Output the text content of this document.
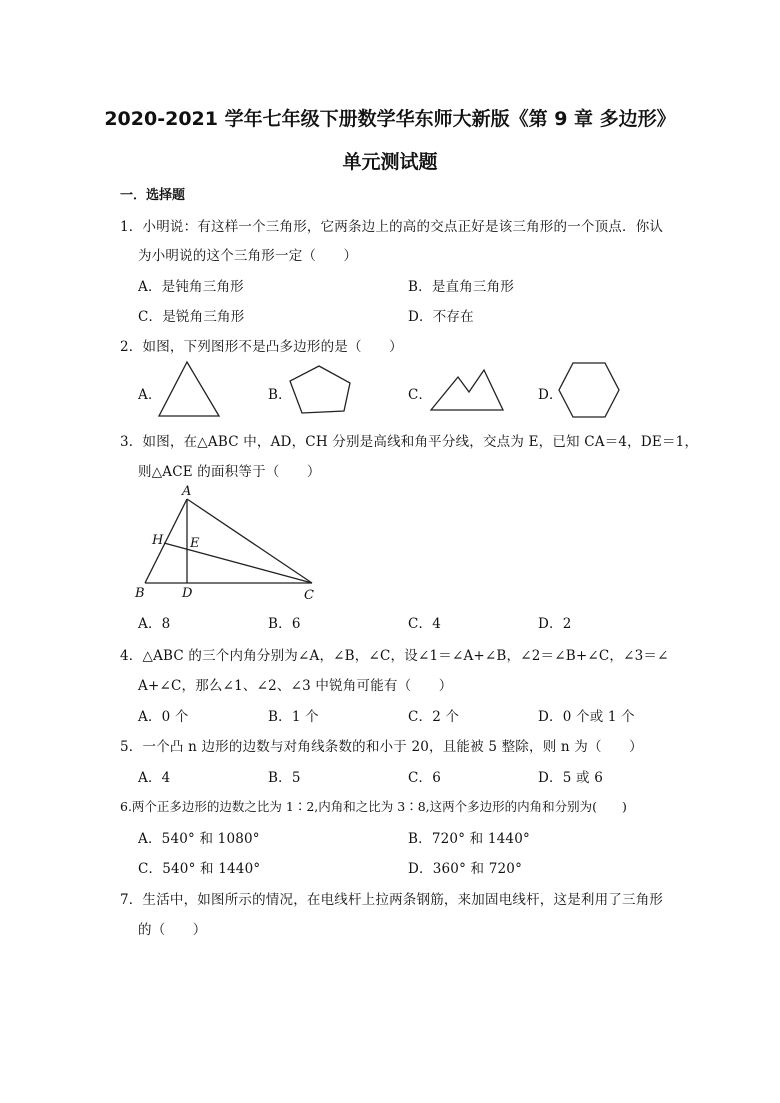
2020-2021 学年七年级下册数学华东师大新版《第 9 章 多边形》
单元测试题
一．选择题
1．小明说：有这样一个三角形，它两条边上的高的交点正好是该三角形的一个顶点．你认
为小明说的这个三角形一定（　　）
A．是钝角三角形	B．是直角三角形
C．是锐角三角形	D．不存在
2．如图，下列图形不是凸多边形的是（　　）
A．	B．	C．	D．
3．如图，在△ABC 中，AD，CH 分别是高线和角平分线，交点为 E，已知 CA＝4，DE＝1，
则△ACE 的面积等于（　　）
A
H E
B	D	C
A．8	B．6	C．4	D．2
4．△ABC 的三个内角分别为∠A，∠B，∠C，设∠1＝∠A+∠B，∠2＝∠B+∠C，∠3＝∠
A+∠C，那么∠1、∠2、∠3 中锐角可能有（　　）
A．0 个	B．1 个	C．2 个	D．0 个或 1 个
5．一个凸 n 边形的边数与对角线条数的和小于 20，且能被 5 整除，则 n 为（　　）
A．4	B．5	C．6	D．5 或 6
6.两个正多边形的边数之比为 1∶2,内角和之比为 3∶8,这两个多边形的内角和分别为(　　)
A．540° 和 1080°	B．720° 和 1440°
C．540° 和 1440°	D．360° 和 720°
7．生活中，如图所示的情况，在电线杆上拉两条钢筋，来加固电线杆，这是利用了三角形
的（　　）
